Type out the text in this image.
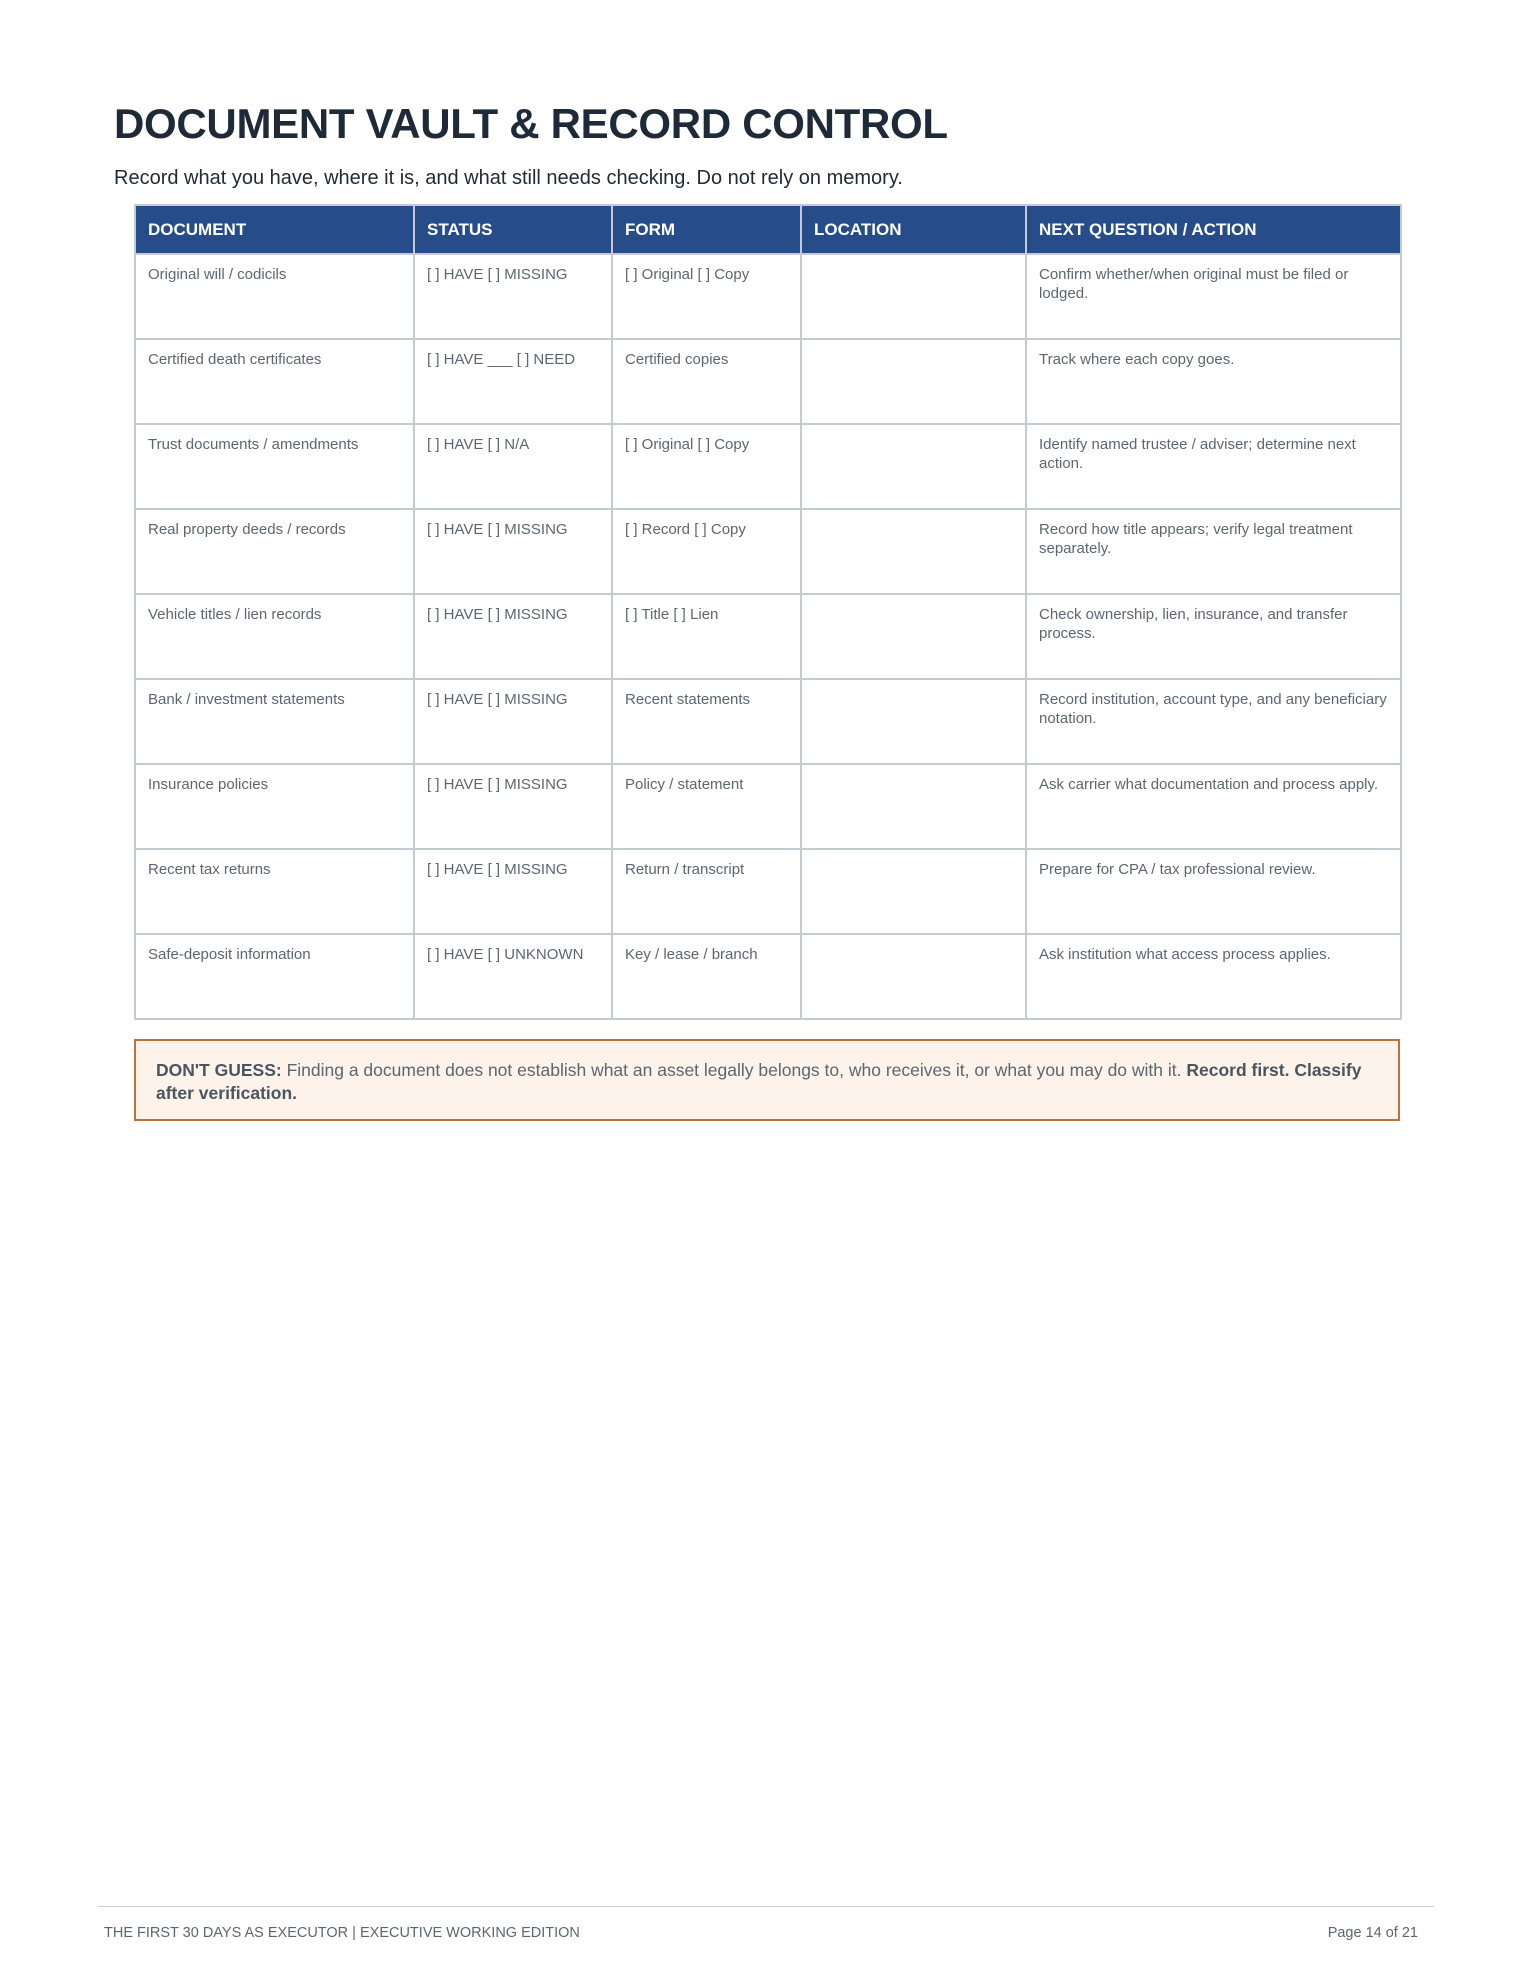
DOCUMENT VAULT & RECORD CONTROL

Record what you have, where it is, and what still needs checking. Do not rely on memory.

DOCUMENT	STATUS	FORM	LOCATION	NEXT QUESTION / ACTION
Original will / codicils	[ ] HAVE [ ] MISSING	[ ] Original [ ] Copy		Confirm whether/when original must be filed or lodged.
Certified death certificates	[ ] HAVE ___ [ ] NEED	Certified copies		Track where each copy goes.
Trust documents / amendments	[ ] HAVE [ ] N/A	[ ] Original [ ] Copy		Identify named trustee / adviser; determine next action.
Real property deeds / records	[ ] HAVE [ ] MISSING	[ ] Record [ ] Copy		Record how title appears; verify legal treatment separately.
Vehicle titles / lien records	[ ] HAVE [ ] MISSING	[ ] Title [ ] Lien		Check ownership, lien, insurance, and transfer process.
Bank / investment statements	[ ] HAVE [ ] MISSING	Recent statements		Record institution, account type, and any beneficiary notation.
Insurance policies	[ ] HAVE [ ] MISSING	Policy / statement		Ask carrier what documentation and process apply.
Recent tax returns	[ ] HAVE [ ] MISSING	Return / transcript		Prepare for CPA / tax professional review.
Safe-deposit information	[ ] HAVE [ ] UNKNOWN	Key / lease / branch		Ask institution what access process applies.
DON'T GUESS: Finding a document does not establish what an asset legally belongs to, who receives it, or what you may do with it. Record first. Classify after verification.
THE FIRST 30 DAYS AS EXECUTOR | EXECUTIVE WORKING EDITION	Page 14 of 21
